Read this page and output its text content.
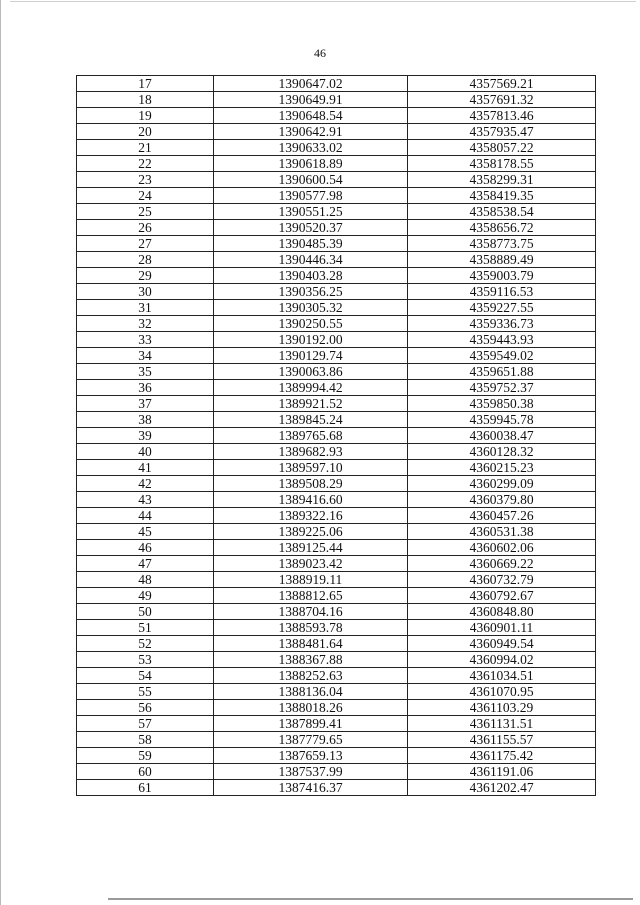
46
17	1390647.02	4357569.21
18	1390649.91	4357691.32
19	1390648.54	4357813.46
20	1390642.91	4357935.47
21	1390633.02	4358057.22
22	1390618.89	4358178.55
23	1390600.54	4358299.31
24	1390577.98	4358419.35
25	1390551.25	4358538.54
26	1390520.37	4358656.72
27	1390485.39	4358773.75
28	1390446.34	4358889.49
29	1390403.28	4359003.79
30	1390356.25	4359116.53
31	1390305.32	4359227.55
32	1390250.55	4359336.73
33	1390192.00	4359443.93
34	1390129.74	4359549.02
35	1390063.86	4359651.88
36	1389994.42	4359752.37
37	1389921.52	4359850.38
38	1389845.24	4359945.78
39	1389765.68	4360038.47
40	1389682.93	4360128.32
41	1389597.10	4360215.23
42	1389508.29	4360299.09
43	1389416.60	4360379.80
44	1389322.16	4360457.26
45	1389225.06	4360531.38
46	1389125.44	4360602.06
47	1389023.42	4360669.22
48	1388919.11	4360732.79
49	1388812.65	4360792.67
50	1388704.16	4360848.80
51	1388593.78	4360901.11
52	1388481.64	4360949.54
53	1388367.88	4360994.02
54	1388252.63	4361034.51
55	1388136.04	4361070.95
56	1388018.26	4361103.29
57	1387899.41	4361131.51
58	1387779.65	4361155.57
59	1387659.13	4361175.42
60	1387537.99	4361191.06
61	1387416.37	4361202.47
